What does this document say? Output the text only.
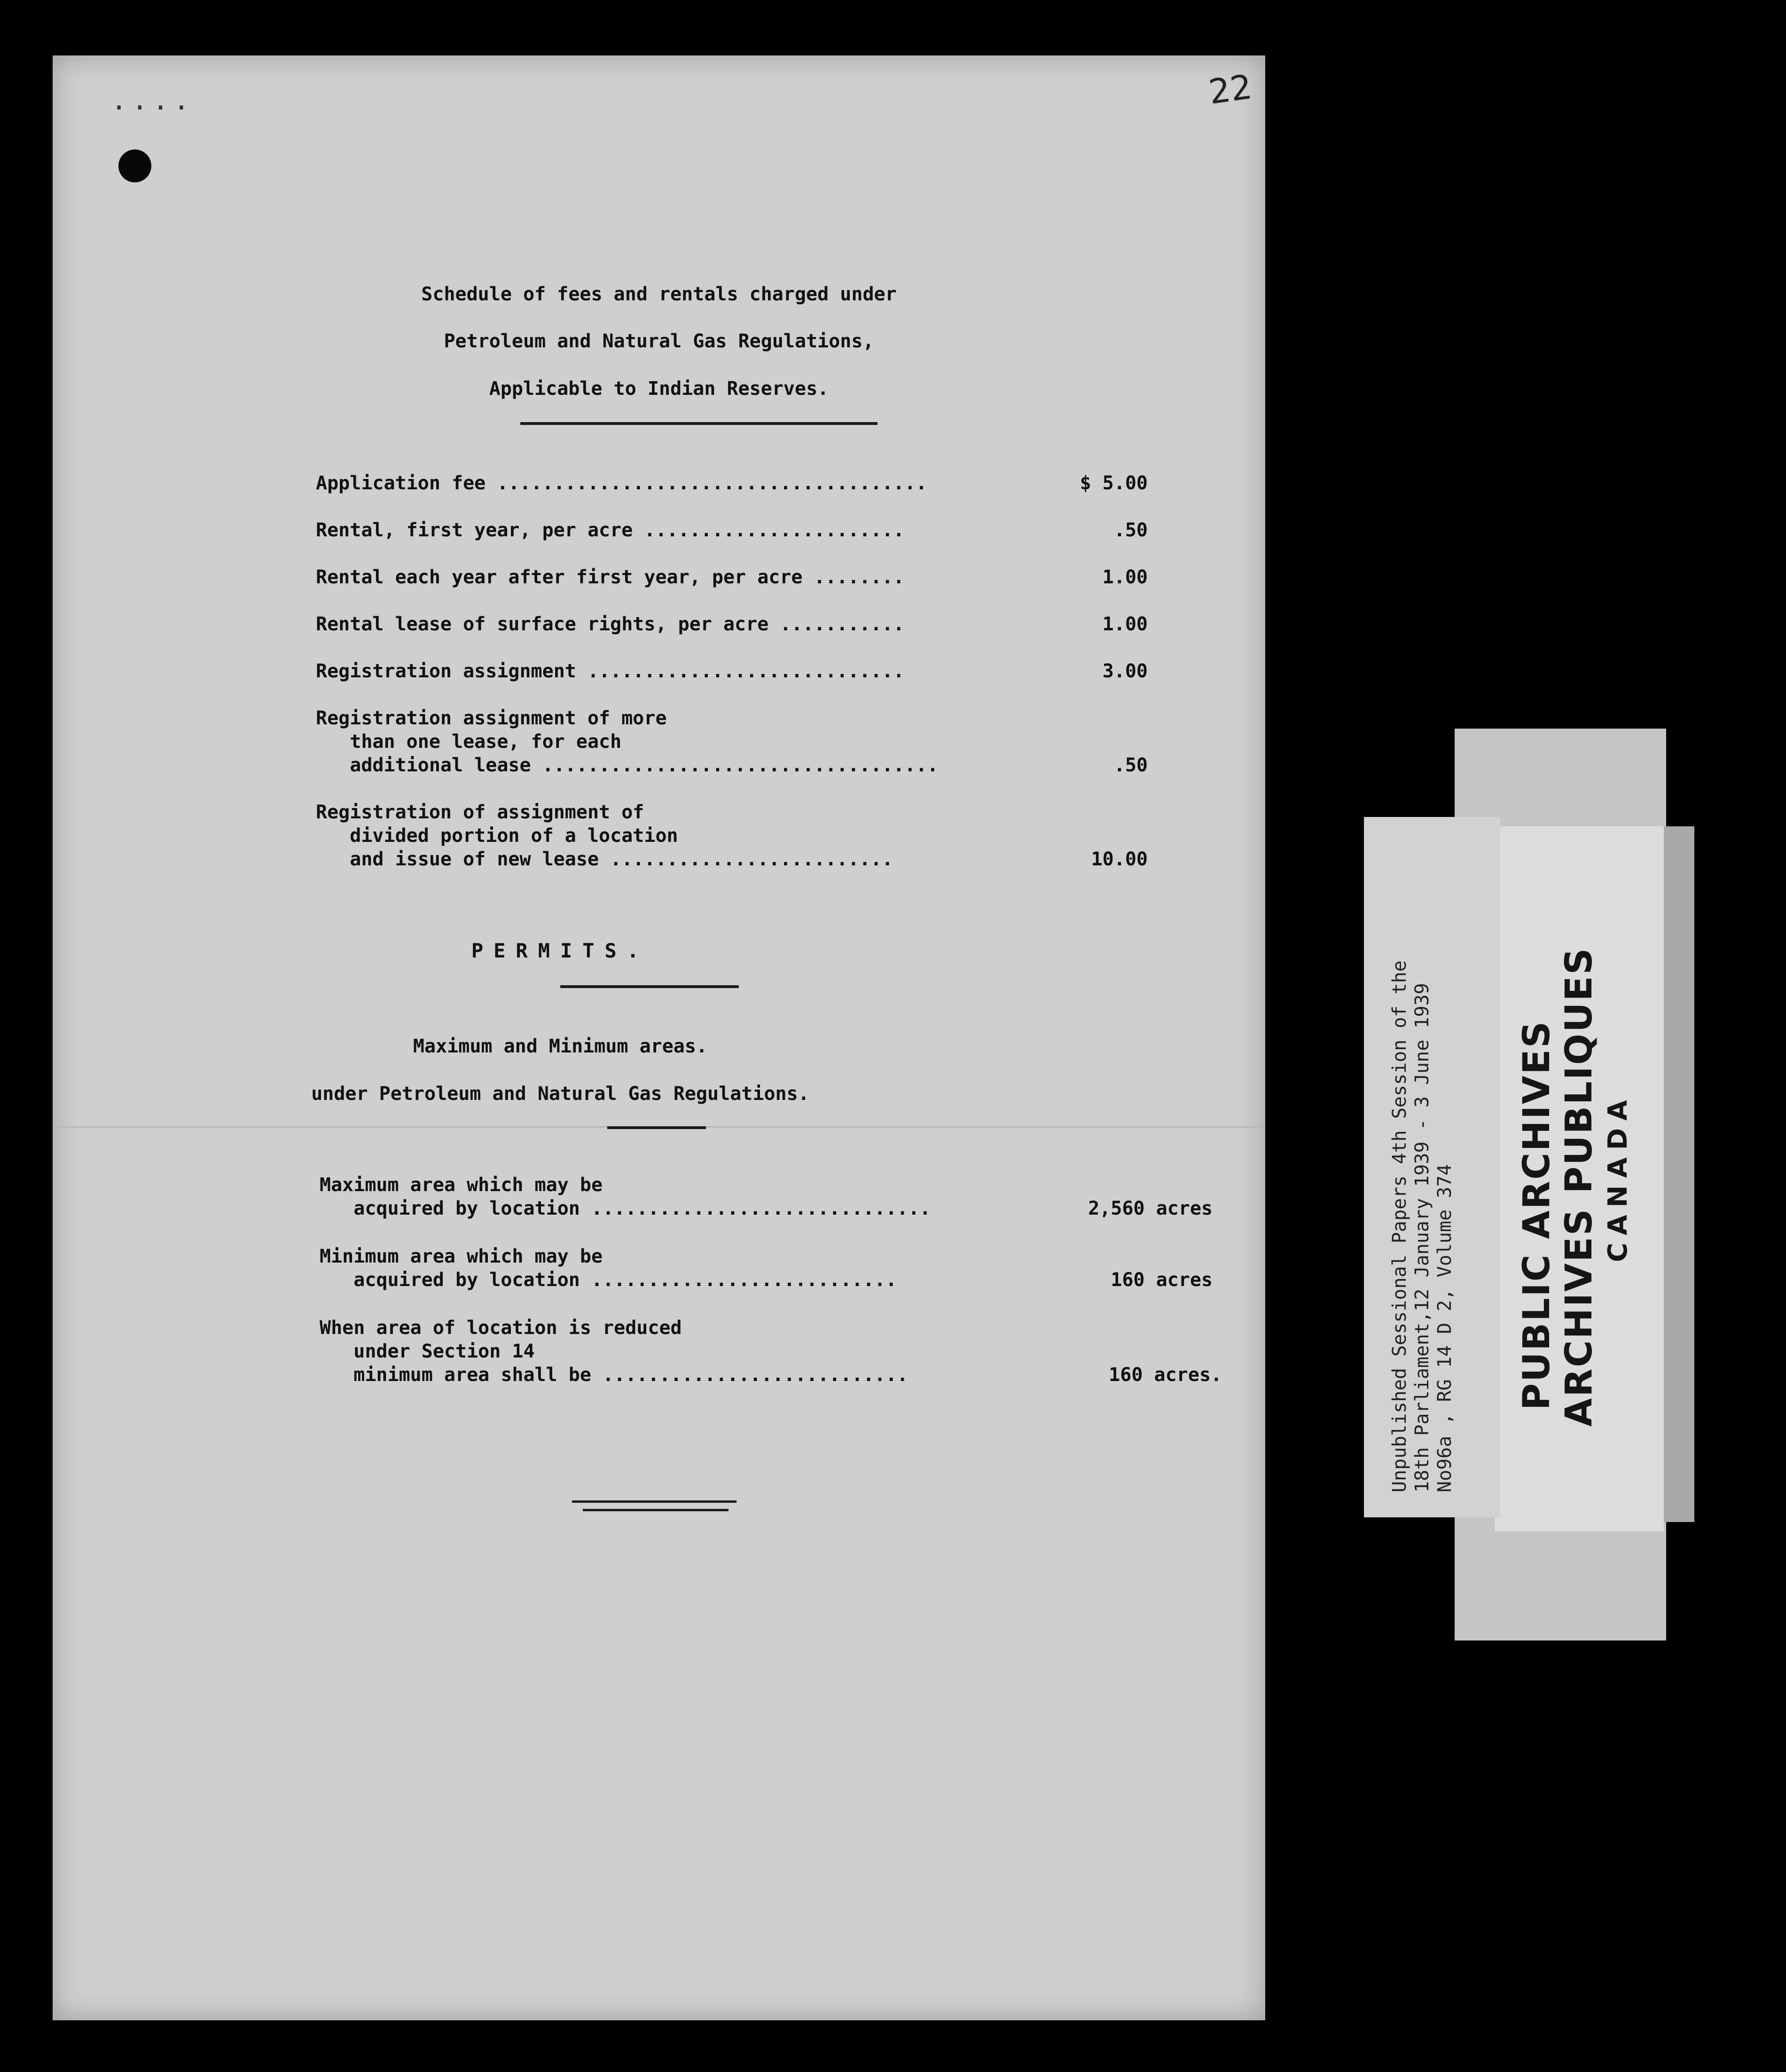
22
····
Schedule of fees and rentals charged under
Petroleum and Natural Gas Regulations,
Applicable to Indian Reserves.
Application fee ......................................	$ 5.00
Rental, first year, per acre .......................	.50
Rental each year after first year, per acre ........	1.00
Rental lease of surface rights, per acre ...........	1.00
Registration assignment ............................	3.00
Registration assignment of more
than one lease, for each
additional lease ...................................	.50
Registration of assignment of
divided portion of a location
and issue of new lease .........................	10.00
PERMITS.
Maximum and Minimum areas.
under Petroleum and Natural Gas Regulations.
Maximum area which may be
acquired by location ..............................	2,560 acres
Minimum area which may be
acquired by location ...........................	160 acres
When area of location is reduced
under Section 14
minimum area shall be ...........................	160 acres.	Unpublished Sessional Papers 4th Session of the 18th Parliament,12 January 1939 - 3 June 1939 No96a , RG 14 D 2, Volume 374 PUBLIC ARCHIVES ARCHIVES PUBLIQUES CANADA
